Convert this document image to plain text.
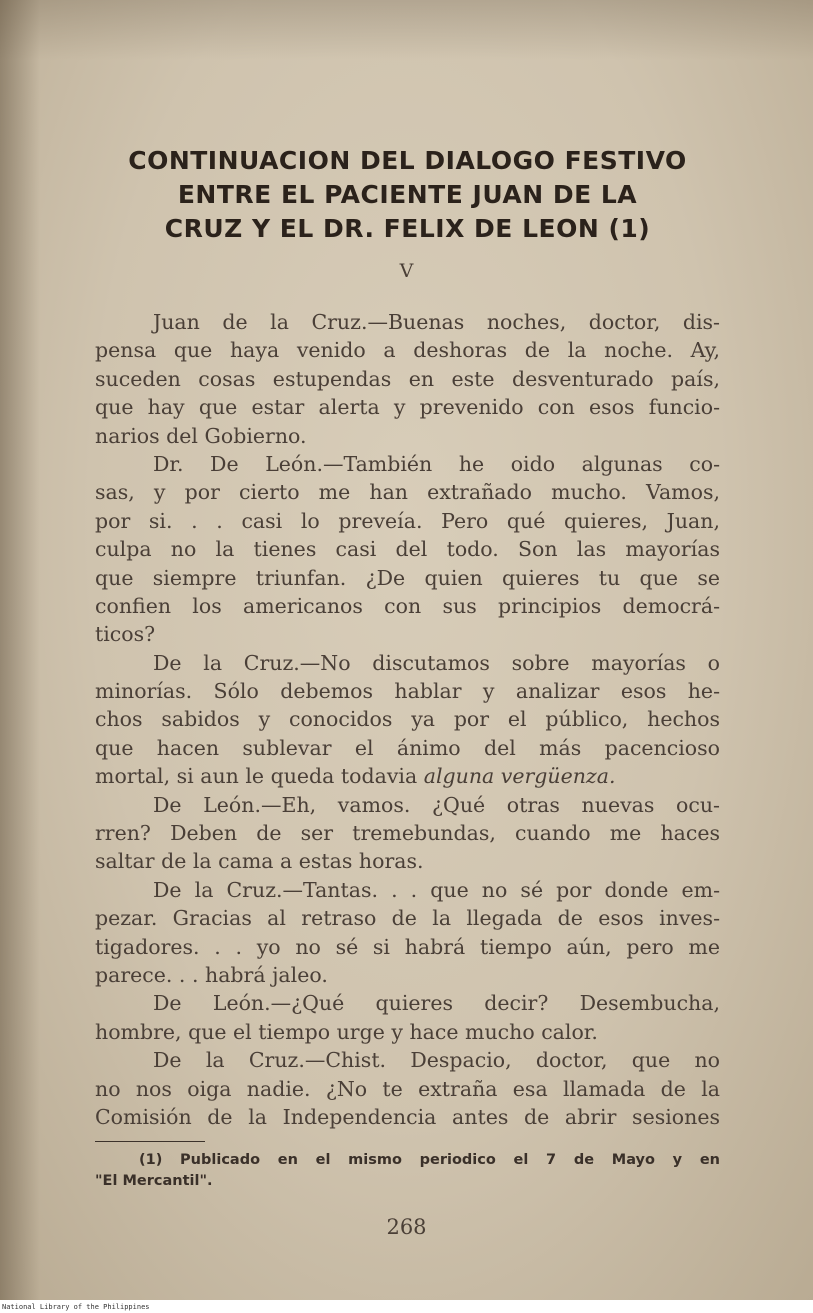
CONTINUACION DEL DIALOGO FESTIVO
ENTRE EL PACIENTE JUAN DE LA
CRUZ Y EL DR. FELIX DE LEON (1)
V
Juan de la Cruz.—Buenas noches, doctor, dis-
pensa que haya venido a deshoras de la noche. Ay,
suceden cosas estupendas en este desventurado país,
que hay que estar alerta y prevenido con esos funcio-
narios del Gobierno.
Dr. De León.—También he oido algunas co-
sas, y por cierto me han extrañado mucho. Vamos,
por si. . . casi lo preveía. Pero qué quieres, Juan,
culpa no la tienes casi del todo. Son las mayorías
que siempre triunfan. ¿De quien quieres tu que se
confien los americanos con sus principios democrá-
ticos?
De la Cruz.—No discutamos sobre mayorías o
minorías. Sólo debemos hablar y analizar esos he-
chos sabidos y conocidos ya por el público, hechos
que hacen sublevar el ánimo del más pacencioso
mortal, si aun le queda todavia alguna vergüenza.
De León.—Eh, vamos. ¿Qué otras nuevas ocu-
rren? Deben de ser tremebundas, cuando me haces
saltar de la cama a estas horas.
De la Cruz.—Tantas. . . que no sé por donde em-
pezar. Gracias al retraso de la llegada de esos inves-
tigadores. . . yo no sé si habrá tiempo aún, pero me
parece. . . habrá jaleo.
De León.—¿Qué quieres decir? Desembucha,
hombre, que el tiempo urge y hace mucho calor.
De la Cruz.—Chist. Despacio, doctor, que no
no nos oiga nadie. ¿No te extraña esa llamada de la
Comisión de la Independencia antes de abrir sesiones
(1) Publicado en el mismo periodico el 7 de Mayo y en
"El Mercantil".
268
National Library of the Philippines
